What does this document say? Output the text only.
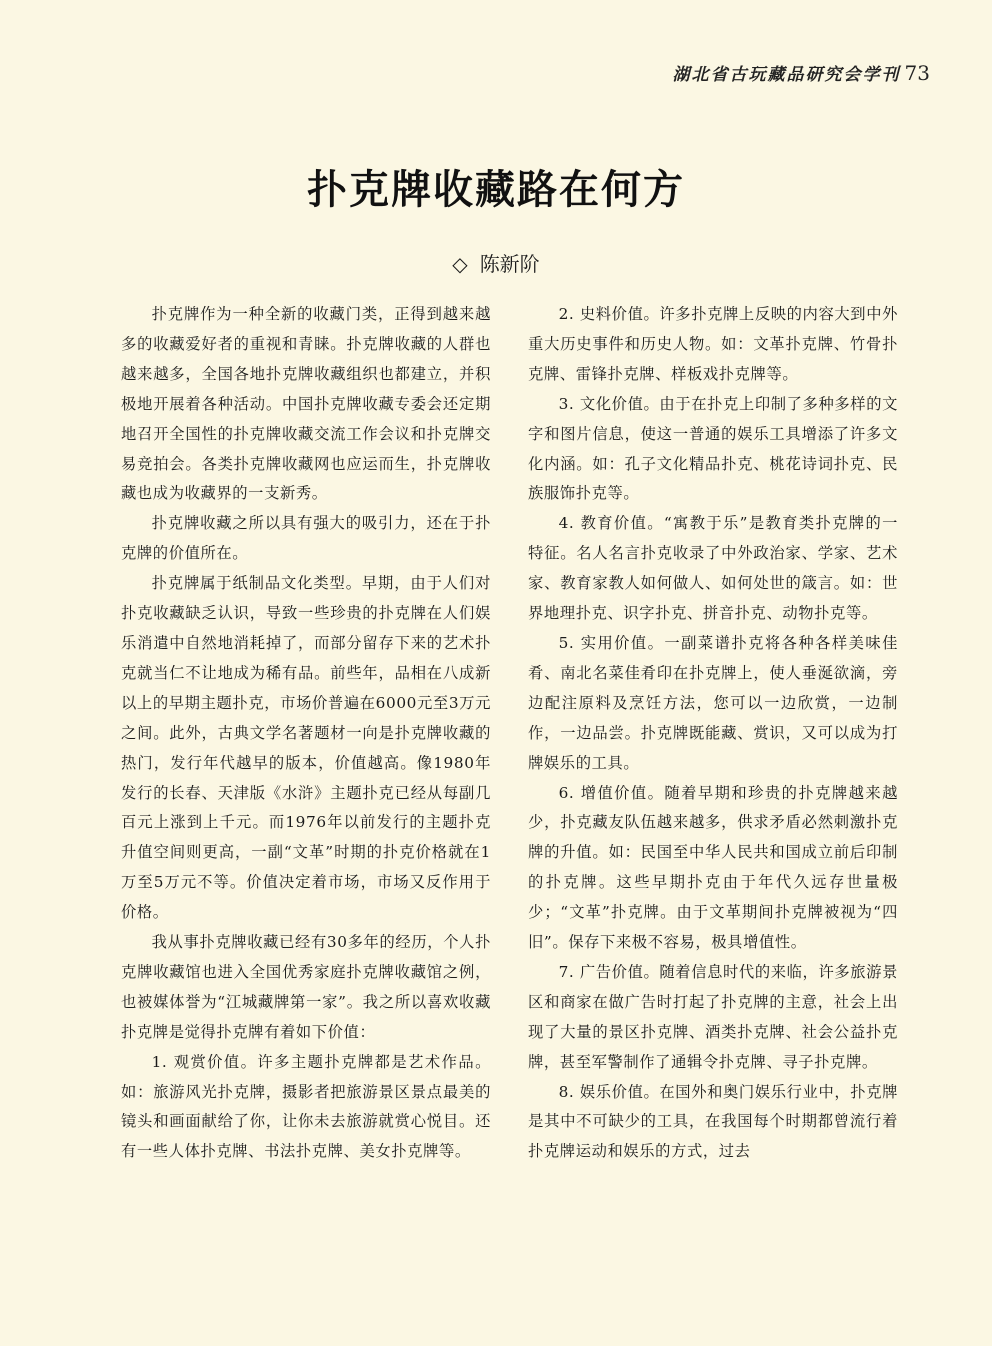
湖北省古玩藏品研究会学刊 73
扑克牌收藏路在何方
◇ 陈新阶

扑克牌作为一种全新的收藏门类，正得到越来越多的收藏爱好者的重视和青睐。扑克牌收藏的人群也越来越多，全国各地扑克牌收藏组织也都建立，并积极地开展着各种活动。中国扑克牌收藏专委会还定期地召开全国性的扑克牌收藏交流工作会议和扑克牌交易竞拍会。各类扑克牌收藏网也应运而生，扑克牌收藏也成为收藏界的一支新秀。

扑克牌收藏之所以具有强大的吸引力，还在于扑克牌的价值所在。

扑克牌属于纸制品文化类型。早期，由于人们对扑克收藏缺乏认识，导致一些珍贵的扑克牌在人们娱乐消遣中自然地消耗掉了，而部分留存下来的艺术扑克就当仁不让地成为稀有品。前些年，品相在八成新以上的早期主题扑克，市场价普遍在6000元至3万元之间。此外，古典文学名著题材一向是扑克牌收藏的热门，发行年代越早的版本，价值越高。像1980年发行的长春、天津版《水浒》主题扑克已经从每副几百元上涨到上千元。而1976年以前发行的主题扑克升值空间则更高，一副“文革”时期的扑克价格就在1万至5万元不等。价值决定着市场，市场又反作用于价格。

我从事扑克牌收藏已经有30多年的经历，个人扑克牌收藏馆也进入全国优秀家庭扑克牌收藏馆之例，也被媒体誉为“江城藏牌第一家”。我之所以喜欢收藏扑克牌是觉得扑克牌有着如下价值：

1. 观赏价值。许多主题扑克牌都是艺术作品。如：旅游风光扑克牌，摄影者把旅游景区景点最美的镜头和画面献给了你，让你未去旅游就赏心悦目。还有一些人体扑克牌、书法扑克牌、美女扑克牌等。

2. 史料价值。许多扑克牌上反映的内容大到中外重大历史事件和历史人物。如：文革扑克牌、竹骨扑克牌、雷锋扑克牌、样板戏扑克牌等。

3. 文化价值。由于在扑克上印制了多种多样的文字和图片信息，使这一普通的娱乐工具增添了许多文化内涵。如：孔子文化精品扑克、桃花诗词扑克、民族服饰扑克等。

4. 教育价值。“寓教于乐”是教育类扑克牌的一特征。名人名言扑克收录了中外政治家、学家、艺术家、教育家教人如何做人、如何处世的箴言。如：世界地理扑克、识字扑克、拼音扑克、动物扑克等。

5. 实用价值。一副菜谱扑克将各种各样美味佳肴、南北名菜佳肴印在扑克牌上，使人垂涎欲滴，旁边配注原料及烹饪方法，您可以一边欣赏，一边制作，一边品尝。扑克牌既能藏、赏识，又可以成为打牌娱乐的工具。

6. 增值价值。随着早期和珍贵的扑克牌越来越少，扑克藏友队伍越来越多，供求矛盾必然刺激扑克牌的升值。如：民国至中华人民共和国成立前后印制的扑克牌。这些早期扑克由于年代久远存世量极少；“文革”扑克牌。由于文革期间扑克牌被视为“四旧”。保存下来极不容易，极具增值性。

7. 广告价值。随着信息时代的来临，许多旅游景区和商家在做广告时打起了扑克牌的主意，社会上出现了大量的景区扑克牌、酒类扑克牌、社会公益扑克牌，甚至军警制作了通辑令扑克牌、寻子扑克牌。

8. 娱乐价值。在国外和奥门娱乐行业中，扑克牌是其中不可缺少的工具，在我国每个时期都曾流行着扑克牌运动和娱乐的方式，过去
